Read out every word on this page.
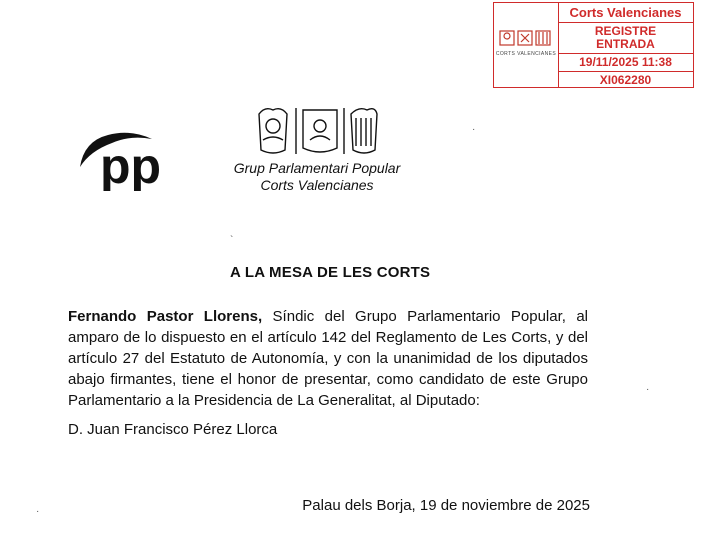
CORTS VALENCIANES
Corts Valencianes
REGISTRE
ENTRADA
19/11/2025 11:38
XI062280
pp	Grup Parlamentari Popular
Corts Valencianes
·
`
·
·
A LA MESA DE LES CORTS
Fernando Pastor Llorens, Síndic del Grupo Parlamentario Popular, al amparo de lo dispuesto en el artículo 142 del Reglamento de Les Corts, y del artículo 27 del Estatuto de Autonomía, y con la unanimidad de los diputados abajo firmantes, tiene el honor de presentar, como candidato de este Grupo Parlamentario a la Presidencia de La Generalitat, al Diputado:
D. Juan Francisco Pérez Llorca
Palau dels Borja, 19 de noviembre de 2025
